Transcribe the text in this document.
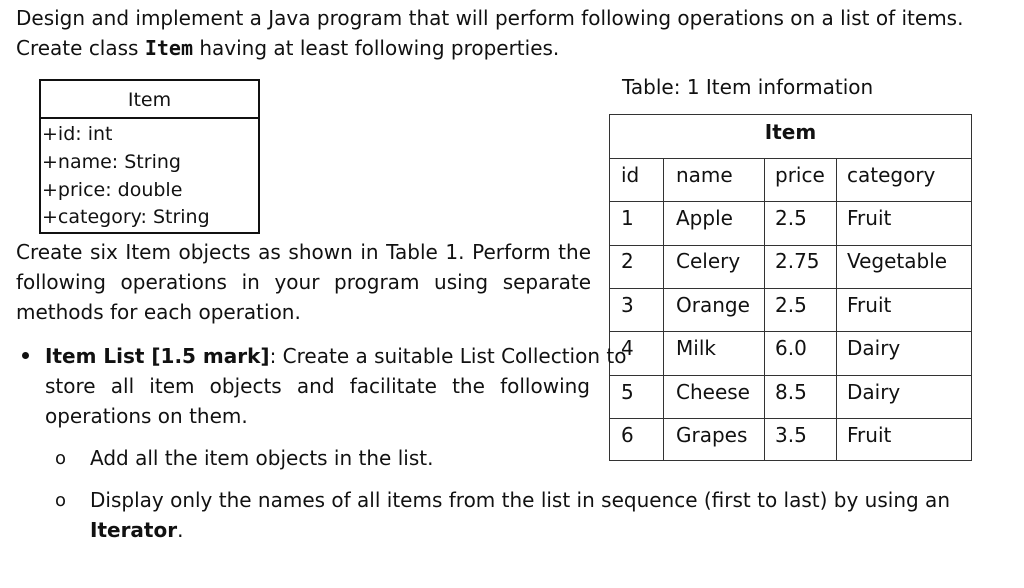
Design and implement a Java program that will perform following operations on a list of items.
Create class Item having at least following properties.
Item
+id: int
+name: String
+price: double
+category: String
Table: 1 Item information
Item
id name price category
1 Apple 2.5 Fruit
2 Celery 2.75 Vegetable
3 Orange 2.5 Fruit
4 Milk	6.0 Dairy
5 Cheese 8.5 Dairy
6 Grapes 3.5 Fruit
Create six Item objects as shown in Table 1. Perform the
following operations in your program using separate
methods for each operation.
Item List [1.5 mark]: Create a suitable List Collection to
store all item objects and facilitate the following
operations on them.
o Add all the item objects in the list.
o Display only the names of all items from the list in sequence (first to last) by using an
Iterator.
